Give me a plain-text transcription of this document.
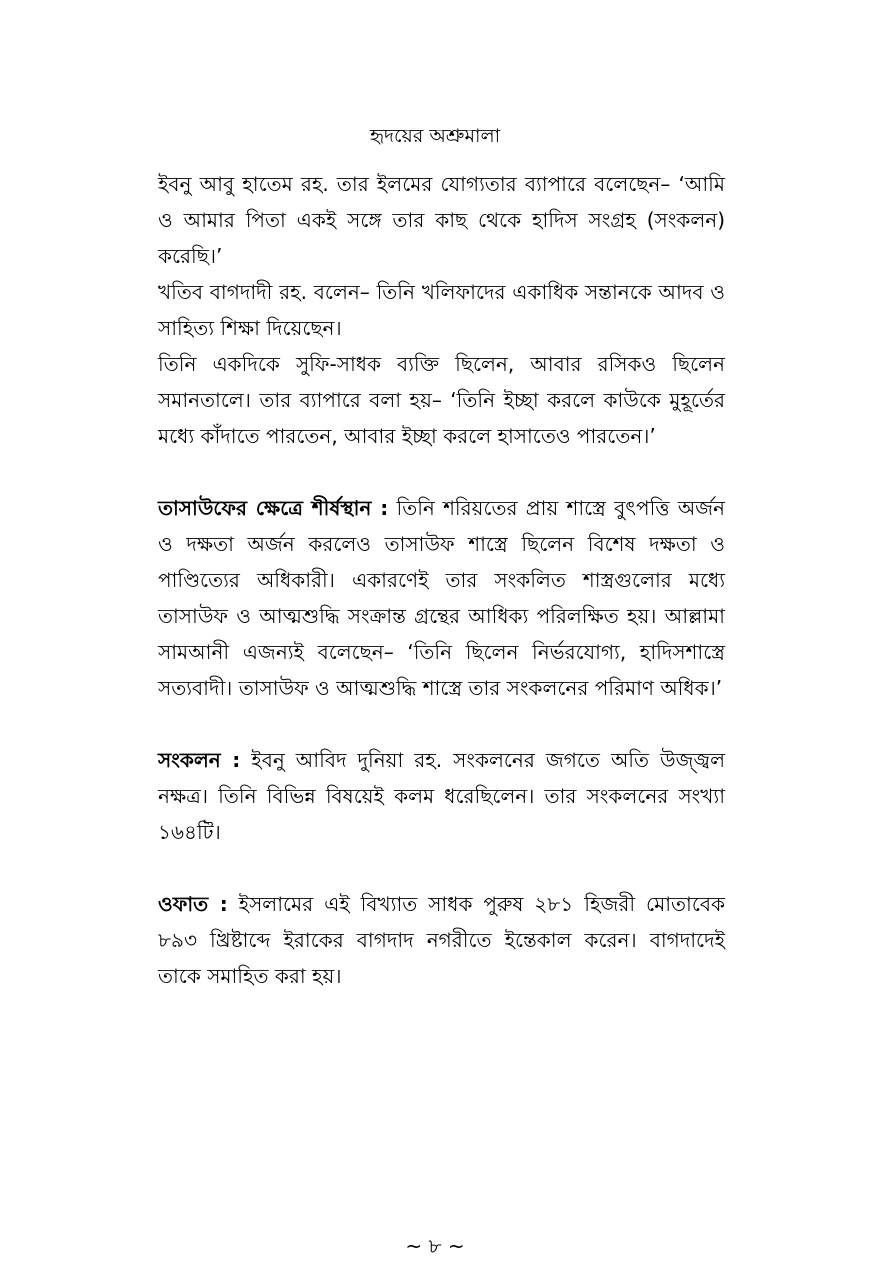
হৃদয়ের অশ্রুমালা

ইবনু আবু হাতেম রহ. তার ইলমের যোগ্যতার ব্যাপারে বলেছেন– ‘আমি ও আমার পিতা একই সঙ্গে তার কাছ থেকে হাদিস সংগ্রহ (সংকলন) করেছি।’

খতিব বাগদাদী রহ. বলেন– তিনি খলিফাদের একাধিক সন্তানকে আদব ও সাহিত্য শিক্ষা দিয়েছেন।

তিনি একদিকে সুফি-সাধক ব্যক্তি ছিলেন, আবার রসিকও ছিলেন সমানতালে। তার ব্যাপারে বলা হয়– ‘তিনি ইচ্ছা করলে কাউকে মুহূর্তের মধ্যে কাঁদাতে পারতেন, আবার ইচ্ছা করলে হাসাতেও পারতেন।’

তাসাউফের ক্ষেত্রে শীর্ষস্থান : তিনি শরিয়তের প্রায় শাস্ত্রে বুৎপত্তি অর্জন ও দক্ষতা অর্জন করলেও তাসাউফ শাস্ত্রে ছিলেন বিশেষ দক্ষতা ও পাণ্ডিত্যের অধিকারী। একারণেই তার সংকলিত শাস্ত্রগুলোর মধ্যে তাসাউফ ও আত্মশুদ্ধি সংক্রান্ত গ্রন্থের আধিক্য পরিলক্ষিত হয়। আল্লামা সামআনী এজন্যই বলেছেন– ‘তিনি ছিলেন নির্ভরযোগ্য, হাদিসশাস্ত্রে সত্যবাদী। তাসাউফ ও আত্মশুদ্ধি শাস্ত্রে তার সংকলনের পরিমাণ অধিক।’

সংকলন : ইবনু আবিদ দুনিয়া রহ. সংকলনের জগতে অতি উজ্জ্বল নক্ষত্র। তিনি বিভিন্ন বিষয়েই কলম ধরেছিলেন। তার সংকলনের সংখ্যা ১৬৪টি।

ওফাত : ইসলামের এই বিখ্যাত সাধক পুরুষ ২৮১ হিজরী মোতাবেক ৮৯৩ খ্রিষ্টাব্দে ইরাকের বাগদাদ নগরীতে ইন্তেকাল করেন। বাগদাদেই তাকে সমাহিত করা হয়।

~ ৮ ~
